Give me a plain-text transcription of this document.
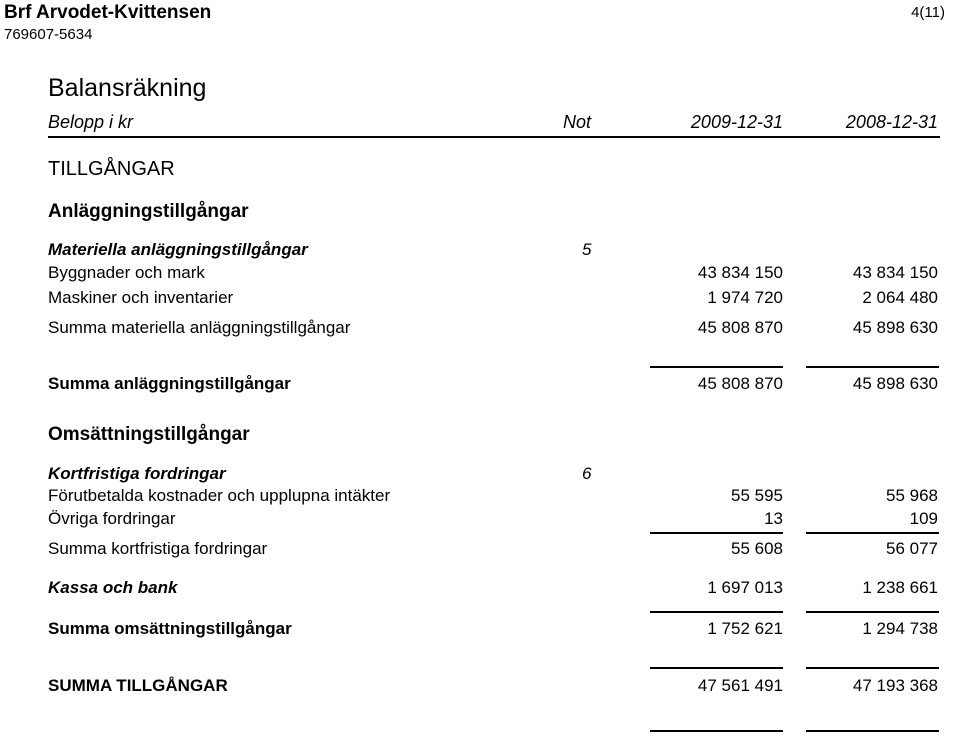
Brf Arvodet-Kvittensen
769607-5634
4(11)
Balansräkning
Belopp i kr	Not	2009-12-31	2008-12-31
TILLGÅNGAR
Anläggningstillgångar
Materiella anläggningstillgångar	5
Byggnader och mark	43 834 150	43 834 150
Maskiner och inventarier	1 974 720	2 064 480
Summa materiella anläggningstillgångar	45 808 870	45 898 630
Summa anläggningstillgångar	45 808 870	45 898 630
Omsättningstillgångar
Kortfristiga fordringar	6
Förutbetalda kostnader och upplupna intäkter	55 595	55 968
Övriga fordringar	13	109
Summa kortfristiga fordringar	55 608	56 077
Kassa och bank	1 697 013	1 238 661
Summa omsättningstillgångar	1 752 621	1 294 738
SUMMA TILLGÅNGAR	47 561 491	47 193 368
